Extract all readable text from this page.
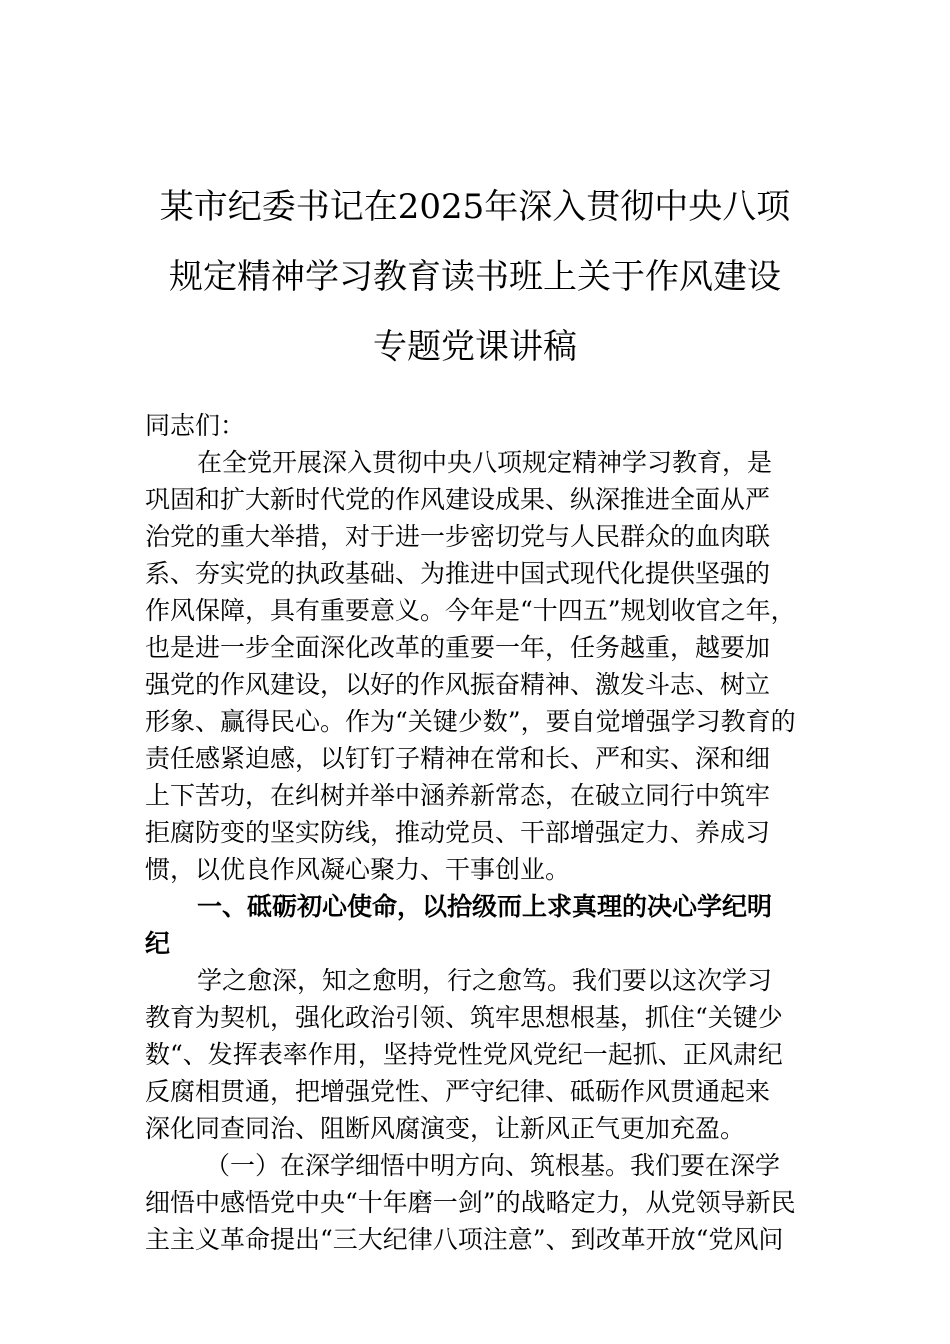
某市纪委书记在2025年深入贯彻中央八项
规定精神学习教育读书班上关于作风建设
专题党课讲稿
同志们：
在全党开展深入贯彻中央八项规定精神学习教育，是
巩固和扩大新时代党的作风建设成果、纵深推进全面从严
治党的重大举措，对于进一步密切党与人民群众的血肉联
系、夯实党的执政基础、为推进中国式现代化提供坚强的
作风保障，具有重要意义。今年是“十四五”规划收官之年，
也是进一步全面深化改革的重要一年，任务越重，越要加
强党的作风建设，以好的作风振奋精神、激发斗志、树立
形象、赢得民心。作为“关键少数”，要自觉增强学习教育的
责任感紧迫感，以钉钉子精神在常和长、严和实、深和细
上下苦功，在纠树并举中涵养新常态，在破立同行中筑牢
拒腐防变的坚实防线，推动党员、干部增强定力、养成习
惯，以优良作风凝心聚力、干事创业。
一、砥砺初心使命，以拾级而上求真理的决心学纪明
纪
学之愈深，知之愈明，行之愈笃。我们要以这次学习
教育为契机，强化政治引领、筑牢思想根基，抓住“关键少
数“、发挥表率作用，坚持党性党风党纪一起抓、正风肃纪
反腐相贯通，把增强党性、严守纪律、砥砺作风贯通起来
深化同查同治、阻断风腐演变，让新风正气更加充盈。
（一）在深学细悟中明方向、筑根基。我们要在深学
细悟中感悟党中央“十年磨一剑”的战略定力，从党领导新民
主主义革命提出“三大纪律八项注意”、到改革开放“党风问
